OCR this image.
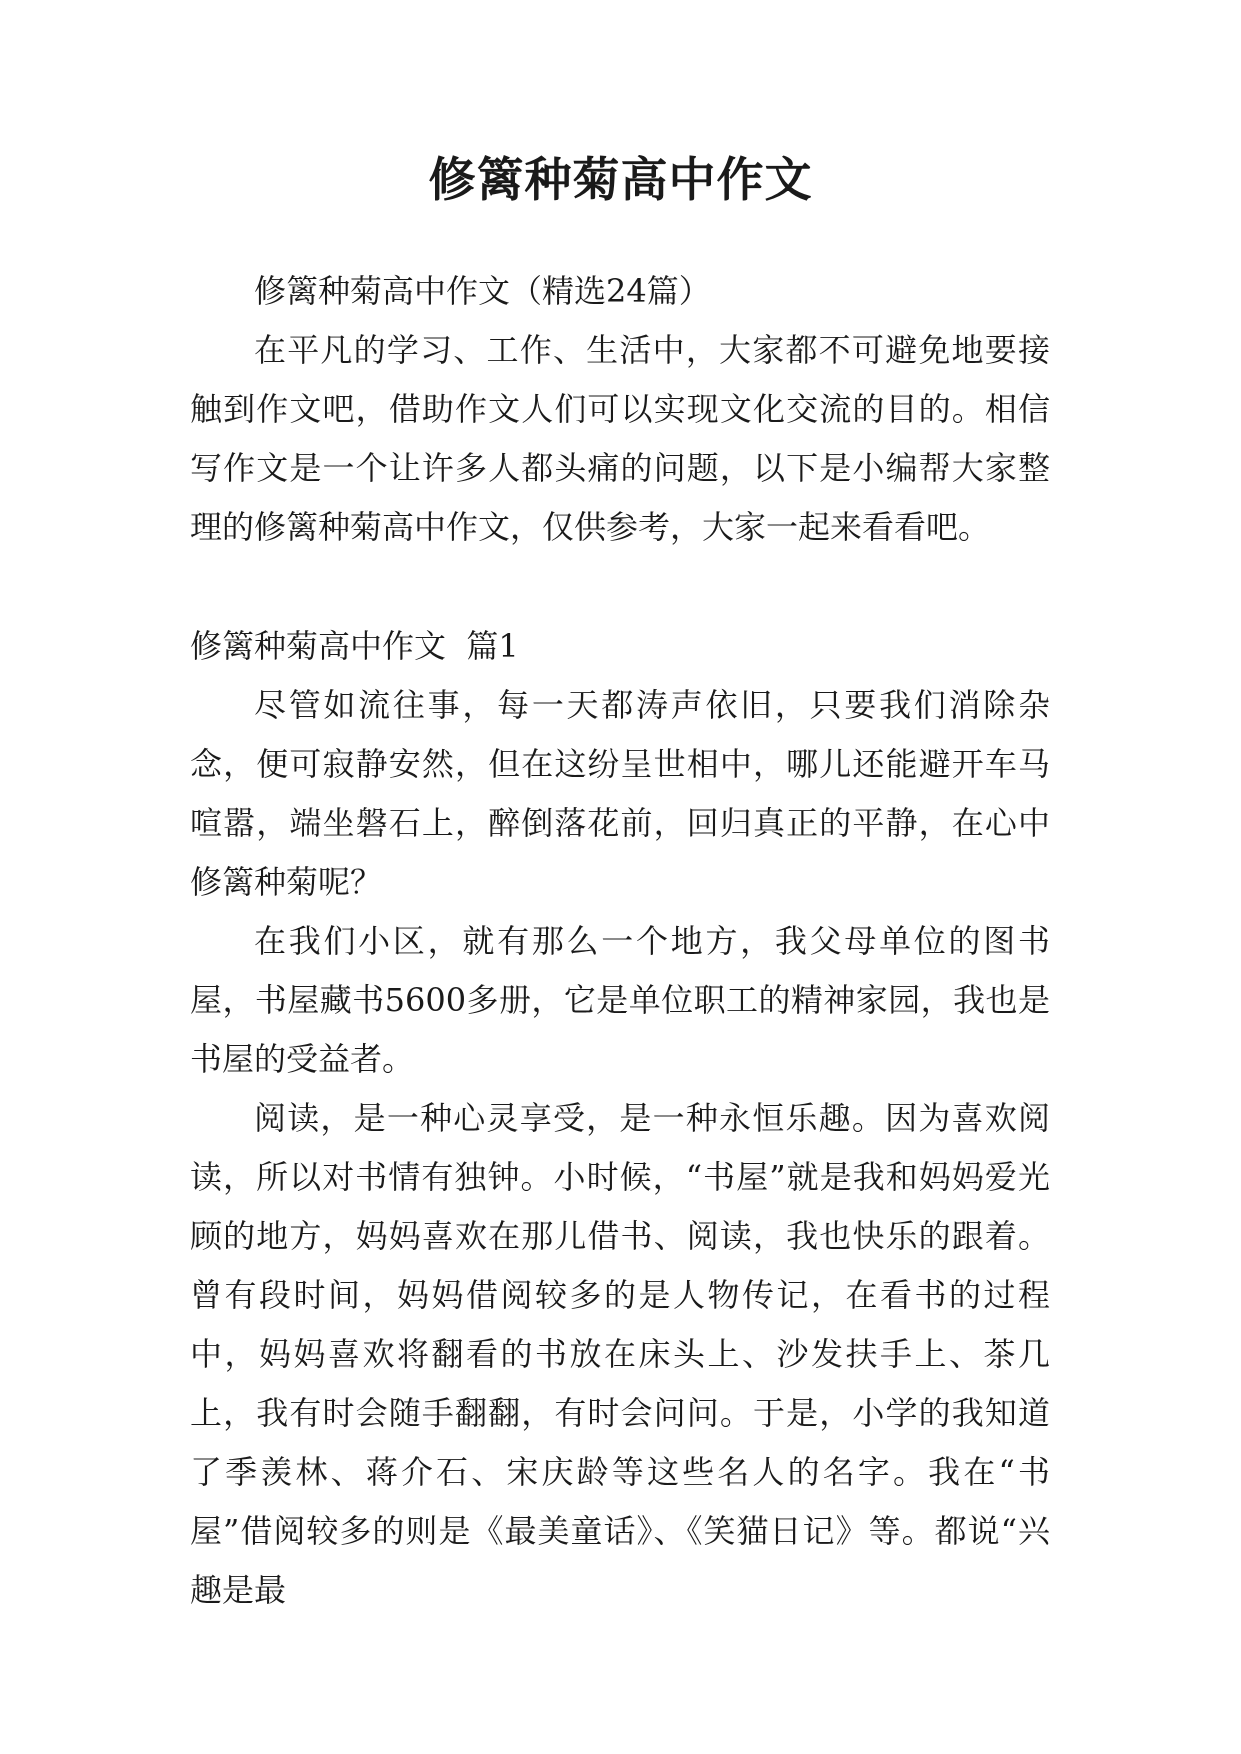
修篱种菊高中作文

修篱种菊高中作文（精选24篇）

在平凡的学习、工作、生活中，大家都不可避免地要接触到作文吧，借助作文人们可以实现文化交流的目的。相信写作文是一个让许多人都头痛的问题，以下是小编帮大家整理的修篱种菊高中作文，仅供参考，大家一起来看看吧。

修篱种菊高中作文  篇1

尽管如流往事，每一天都涛声依旧，只要我们消除杂念，便可寂静安然，但在这纷呈世相中，哪儿还能避开车马喧嚣，端坐磐石上，醉倒落花前，回归真正的平静，在心中修篱种菊呢？

在我们小区，就有那么一个地方，我父母单位的图书屋，书屋藏书5600多册，它是单位职工的精神家园，我也是书屋的受益者。

阅读，是一种心灵享受，是一种永恒乐趣。因为喜欢阅读，所以对书情有独钟。小时候，“书屋”就是我和妈妈爱光顾的地方，妈妈喜欢在那儿借书、阅读，我也快乐的跟着。曾有段时间，妈妈借阅较多的是人物传记，在看书的过程中，妈妈喜欢将翻看的书放在床头上、沙发扶手上、茶几上，我有时会随手翻翻，有时会问问。于是，小学的我知道了季羡林、蒋介石、宋庆龄等这些名人的名字。我在“书屋”借阅较多的则是《最美童话》、《笑猫日记》等。都说“兴趣是最
